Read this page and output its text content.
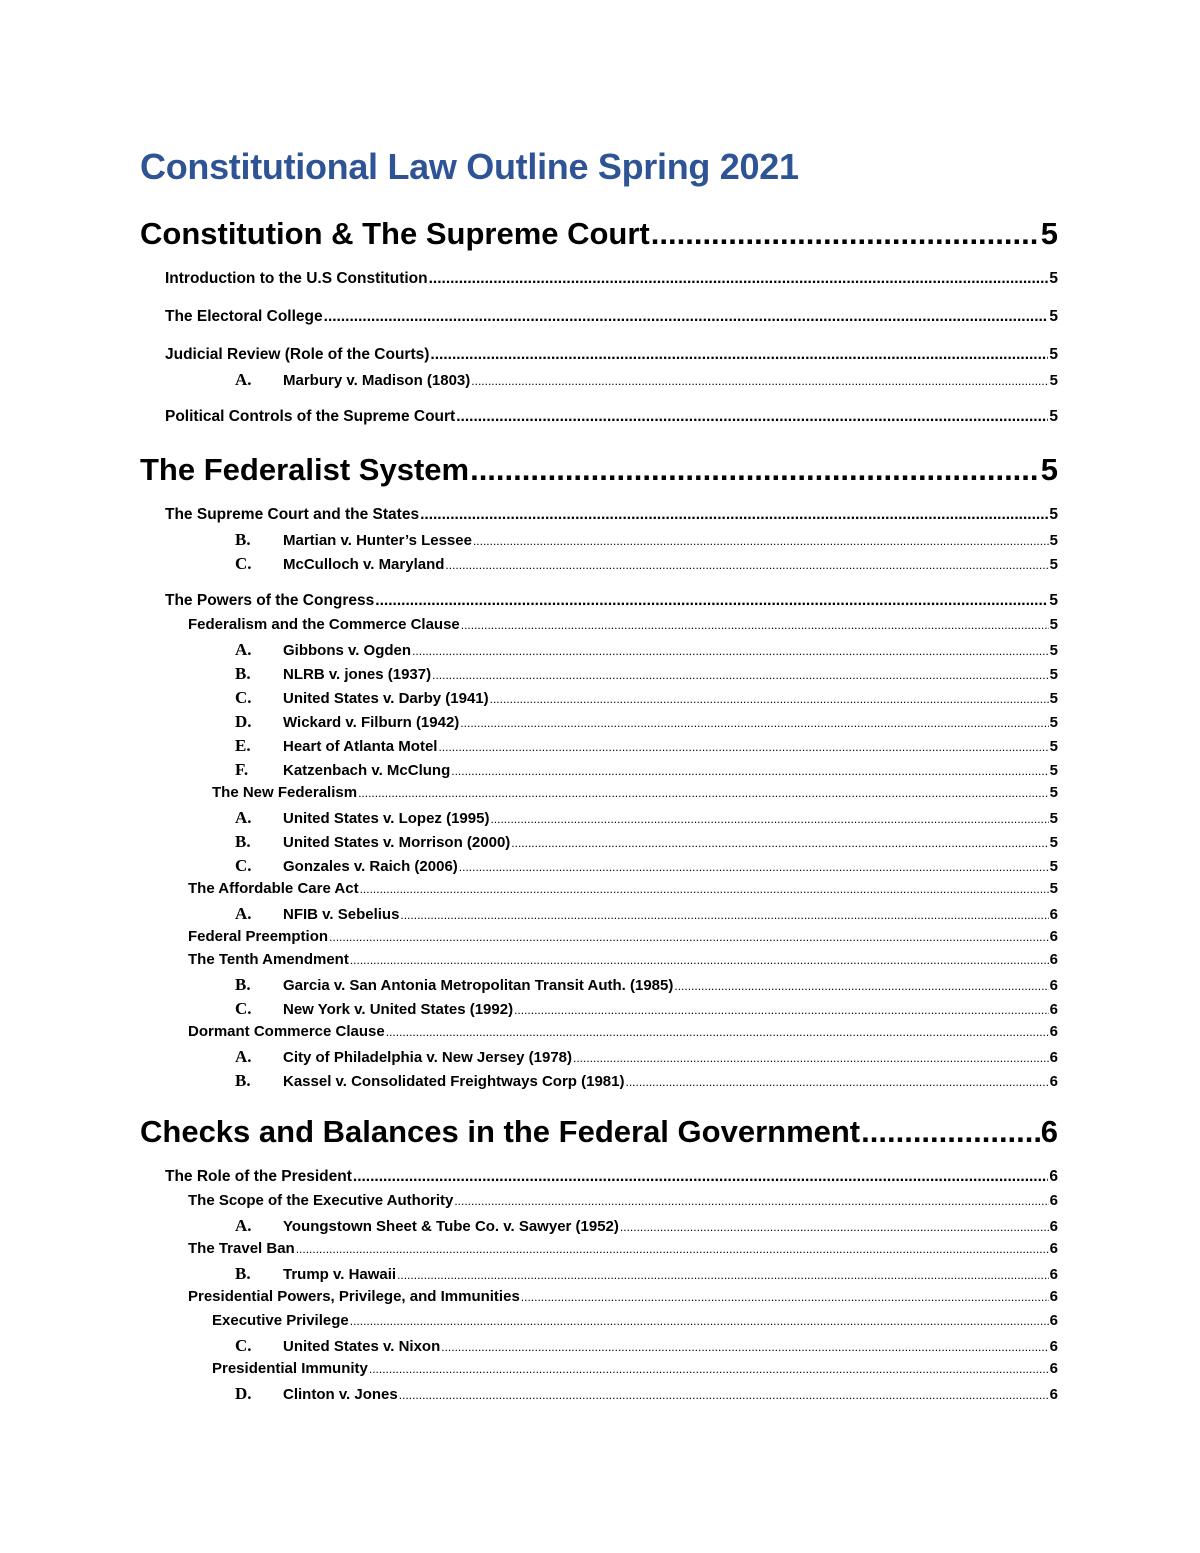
Constitutional Law Outline Spring 2021
Constitution & The Supreme Court .....	5
Introduction to the U.S Constitution .....	5
The Electoral College .....	5
Judicial Review (Role of the Courts) .....	5
A. Marbury v. Madison (1803) .....	5
Political Controls of the Supreme Court .....	5
The Federalist System .....	5
The Supreme Court and the States .....	5
B. Martian v. Hunter’s Lessee .....	5
C. McCulloch v. Maryland .....	5
The Powers of the Congress .....	5
Federalism and the Commerce Clause .....	5
A. Gibbons v. Ogden .....	5
B. NLRB v. jones (1937) .....	5
C. United States v. Darby (1941) .....	5
D. Wickard v. Filburn (1942) .....	5
E. Heart of Atlanta Motel .....	5
F. Katzenbach v. McClung .....	5
The New Federalism .....	5
A. United States v. Lopez (1995) .....	5
B. United States v. Morrison (2000) .....	5
C. Gonzales v. Raich (2006) .....	5
The Affordable Care Act .....	5
A. NFIB v. Sebelius .....	6
Federal Preemption .....	6
The Tenth Amendment .....	6
B. Garcia v. San Antonia Metropolitan Transit Auth. (1985) .....	6
C. New York v. United States (1992) .....	6
Dormant Commerce Clause .....	6
A. City of Philadelphia v. New Jersey (1978) .....	6
B. Kassel v. Consolidated Freightways Corp (1981) .....	6
Checks and Balances in the Federal Government .....	6
The Role of the President .....	6
The Scope of the Executive Authority .....	6
A. Youngstown Sheet & Tube Co. v. Sawyer (1952) .....	6
The Travel Ban .....	6
B. Trump v. Hawaii .....	6
Presidential Powers, Privilege, and Immunities .....	6
Executive Privilege .....	6
C. United States v. Nixon .....	6
Presidential Immunity .....	6
D. Clinton v. Jones .....	6
